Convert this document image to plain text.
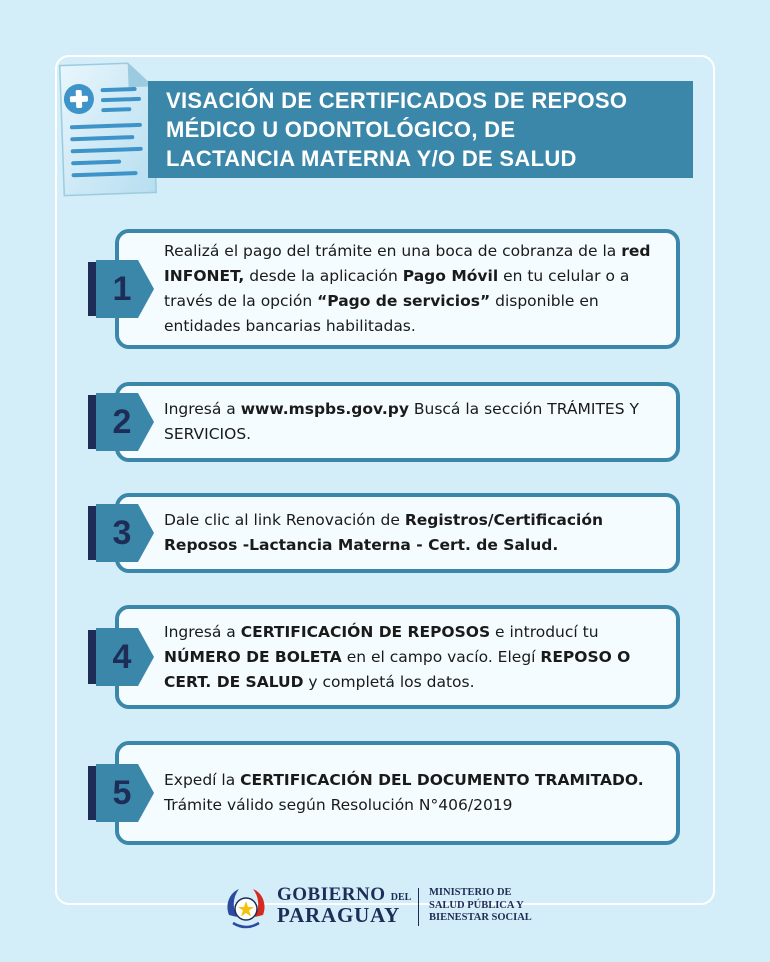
VISACIÓN DE CERTIFICADOS DE REPOSO
MÉDICO U ODONTOLÓGICO, DE
LACTANCIA MATERNA Y/O DE SALUD
Realizá el pago del trámite en una boca de cobranza de la red INFONET, desde la aplicación Pago Móvil en tu celular o a través de la opción “Pago de servicios” disponible en entidades bancarias habilitadas.
Ingresá a www.mspbs.gov.py Buscá la sección TRÁMITES Y SERVICIOS.
Dale clic al link Renovación de Registros/Certificación Reposos -Lactancia Materna - Cert. de Salud.
Ingresá a CERTIFICACIÓN DE REPOSOS e introducí tu NÚMERO DE BOLETA en el campo vacío. Elegí REPOSO O CERT. DE SALUD y completá los datos.
Expedí la CERTIFICACIÓN DEL DOCUMENTO TRAMITADO. Trámite válido según Resolución N°406/2019
1
2
3
4
5
GOBIERNO DEL
PARAGUAY
MINISTERIO DE
SALUD PÚBLICA Y
BIENESTAR SOCIAL
